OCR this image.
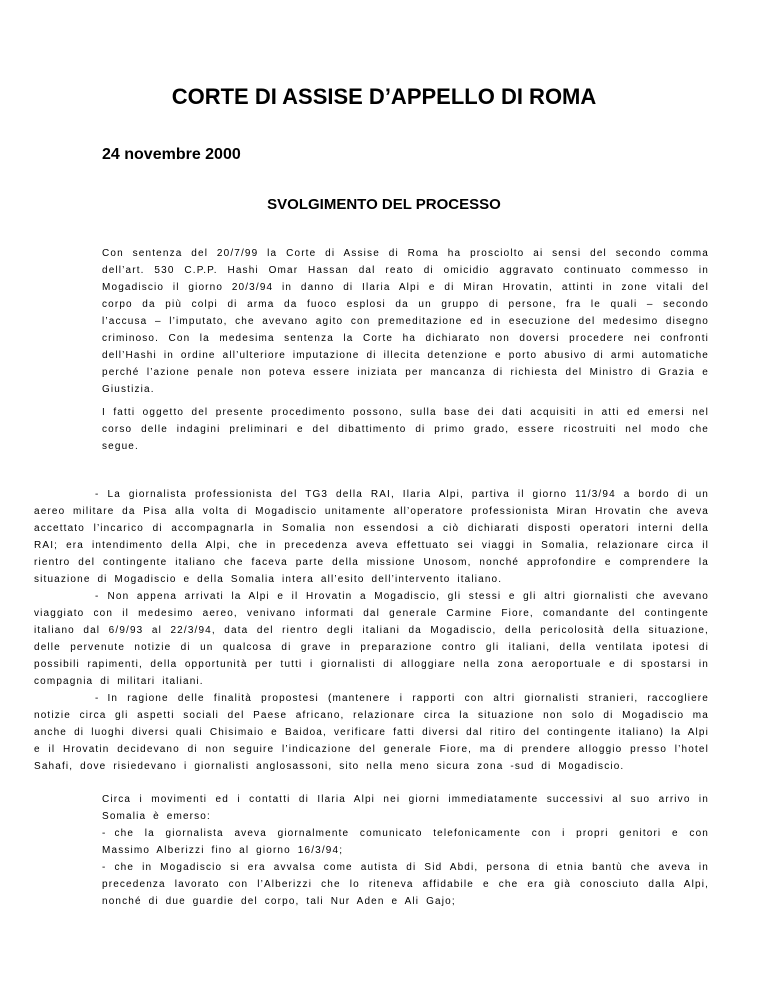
CORTE DI ASSISE D’APPELLO DI ROMA
24 novembre 2000
SVOLGIMENTO DEL PROCESSO

Con sentenza del 20/7/99 la Corte di Assise di Roma ha prosciolto ai sensi del secondo comma dell’art. 530 C.P.P. Hashi Omar Hassan dal reato di omicidio aggravato continuato commesso in Mogadiscio il giorno 20/3/94 in danno di Ilaria Alpi e di Miran Hrovatin, attinti in zone vitali del corpo da più colpi di arma da fuoco esplosi da un gruppo di persone, fra le quali – secondo l’accusa – l’imputato, che avevano agito con premeditazione ed in esecuzione del medesimo disegno criminoso. Con la medesima sentenza la Corte ha dichiarato non doversi procedere nei confronti dell’Hashi in ordine all’ulteriore imputazione di illecita detenzione e porto abusivo di armi automatiche perché l’azione penale non poteva essere iniziata per mancanza di richiesta del Ministro di Grazia e Giustizia.

I fatti oggetto del presente procedimento possono, sulla base dei dati acquisiti in atti ed emersi nel corso delle indagini preliminari e del dibattimento di primo grado, essere ricostruiti nel modo che segue.

- La giornalista professionista del TG3 della RAI, Ilaria Alpi, partiva il giorno 11/3/94 a bordo di un aereo militare da Pisa alla volta di Mogadiscio unitamente all’operatore professionista Miran Hrovatin che aveva accettato l’incarico di accompagnarla in Somalia non essendosi a ciò dichiarati disposti operatori interni della RAI; era intendimento della Alpi, che in precedenza aveva effettuato sei viaggi in Somalia, relazionare circa il rientro del contingente italiano che faceva parte della missione Unosom, nonché approfondire e comprendere la situazione di Mogadiscio e della Somalia intera all’esito dell’intervento italiano.

- Non appena arrivati la Alpi e il Hrovatin a Mogadiscio, gli stessi e gli altri giornalisti che avevano viaggiato con il medesimo aereo, venivano informati dal generale Carmine Fiore, comandante del contingente italiano dal 6/9/93 al 22/3/94, data del rientro degli italiani da Mogadiscio, della pericolosità della situazione, delle pervenute notizie di un qualcosa di grave in preparazione contro gli italiani, della ventilata ipotesi di possibili rapimenti, della opportunità per tutti i giornalisti di alloggiare nella zona aeroportuale e di spostarsi in compagnia di militari italiani.

- In ragione delle finalità propostesi (mantenere i rapporti con altri giornalisti stranieri, raccogliere notizie circa gli aspetti sociali del Paese africano, relazionare circa la situazione non solo di Mogadiscio ma anche di luoghi diversi quali Chisimaio e Baidoa, verificare fatti diversi dal ritiro del contingente italiano) la Alpi e il Hrovatin decidevano di non seguire l’indicazione del generale Fiore, ma di prendere alloggio presso l’hotel Sahafi, dove risiedevano i giornalisti anglosassoni, sito nella meno sicura zona -sud di Mogadiscio.

Circa i movimenti ed i contatti di Ilaria Alpi nei giorni immediatamente successivi al suo arrivo in Somalia è emerso:

- che la giornalista aveva giornalmente comunicato telefonicamente con i propri genitori e con Massimo Alberizzi fino al giorno 16/3/94;

- che in Mogadiscio si era avvalsa come autista di Sid Abdi, persona di etnia bantù che aveva in precedenza lavorato con l’Alberizzi che lo riteneva affidabile e che era già conosciuto dalla Alpi, nonché di due guardie del corpo, tali Nur Aden e Ali Gajo;
